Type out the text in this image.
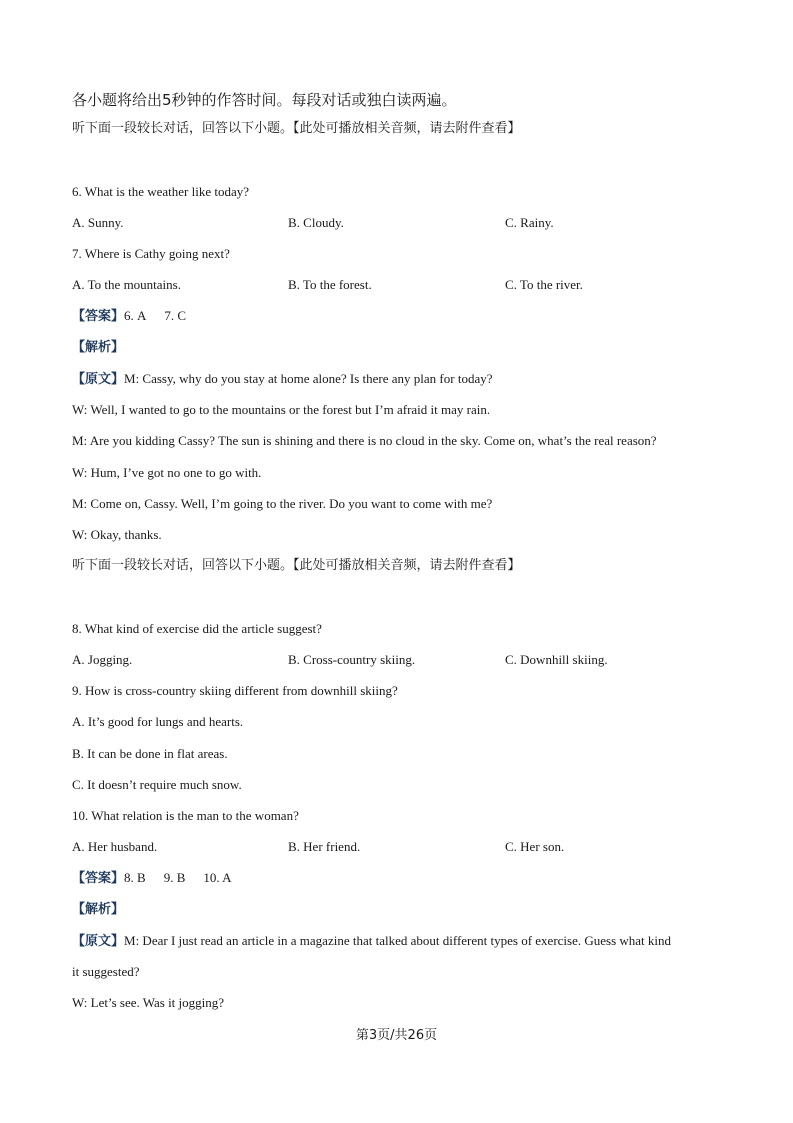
各小题将给出5秒钟的作答时间。每段对话或独白读两遍。
听下面一段较长对话，回答以下小题。【此处可播放相关音频，请去附件查看】
6. What is the weather like today?
A. Sunny.	B. Cloudy.	C. Rainy.
7. Where is Cathy going next?
A. To the mountains.	B. To the forest.	C. To the river.
【答案】6. A 7. C
【解析】
【原文】M: Cassy, why do you stay at home alone? Is there any plan for today?
W: Well, I wanted to go to the mountains or the forest but I’m afraid it may rain.
M: Are you kidding Cassy? The sun is shining and there is no cloud in the sky. Come on, what’s the real reason?
W: Hum, I’ve got no one to go with.
M: Come on, Cassy. Well, I’m going to the river. Do you want to come with me?
W: Okay, thanks.
听下面一段较长对话，回答以下小题。【此处可播放相关音频，请去附件查看】
8. What kind of exercise did the article suggest?
A. Jogging.	B. Cross-country skiing.	C. Downhill skiing.
9. How is cross-country skiing different from downhill skiing?
A. It’s good for lungs and hearts.
B. It can be done in flat areas.
C. It doesn’t require much snow.
10. What relation is the man to the woman?
A. Her husband.	B. Her friend.	C. Her son.
【答案】8. B 9. B 10. A
【解析】
【原文】M: Dear I just read an article in a magazine that talked about different types of exercise. Guess what kind
it suggested?
W: Let’s see. Was it jogging?
第3页/共26页
